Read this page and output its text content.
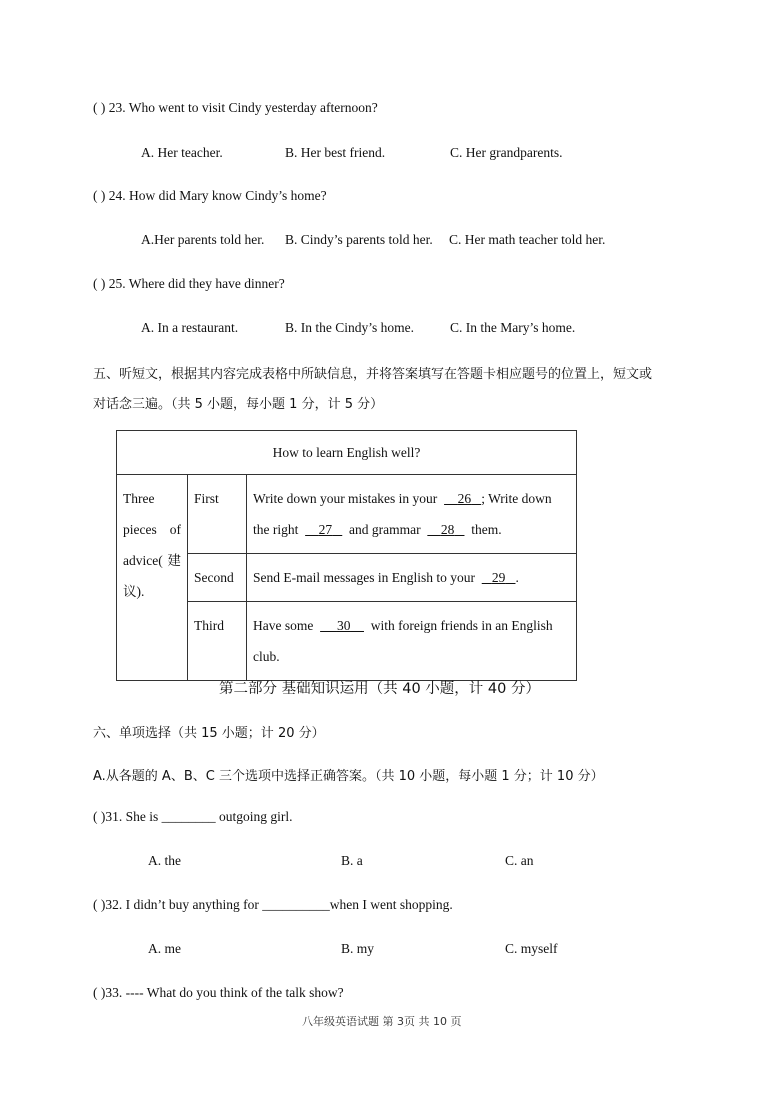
( ) 23. Who went to visit Cindy yesterday afternoon?
A. Her teacher.	B. Her best friend.	C. Her grandparents.
( ) 24. How did Mary know Cindy’s home?
A.Her parents told her. B. Cindy’s parents told her. C. Her math teacher told her.
( ) 25. Where did they have dinner?
A. In a restaurant.	B. In the Cindy’s home.	C. In the Mary’s home.
五、听短文，根据其内容完成表格中所缺信息，并将答案填写在答题卡相应题号的位置上，短文或
对话念三遍。（共 5 小题，每小题 1 分，计 5 分）
How to learn English well?		

Three pieces of advice( 建议).	First	Write down your mistakes in your 26 ; Write down the right 27 and grammar 28 them.

	Second	Send E-mail messages in English to your 29 .

	Third	Have some 30 with foreign friends in an English club.
第二部分 基础知识运用（共 40 小题，计 40 分）
六、单项选择（共 15 小题；计 20 分）
A.从各题的 A、B、C 三个选项中选择正确答案。（共 10 小题，每小题 1 分；计 10 分）
( )31. She is ________ outgoing girl.
A. the	B. a	C. an
( )32. I didn’t buy anything for __________when I went shopping.
A. me	B. my	C. myself
( )33. ---- What do you think of the talk show?
八年级英语试题 第 3页 共 10 页
